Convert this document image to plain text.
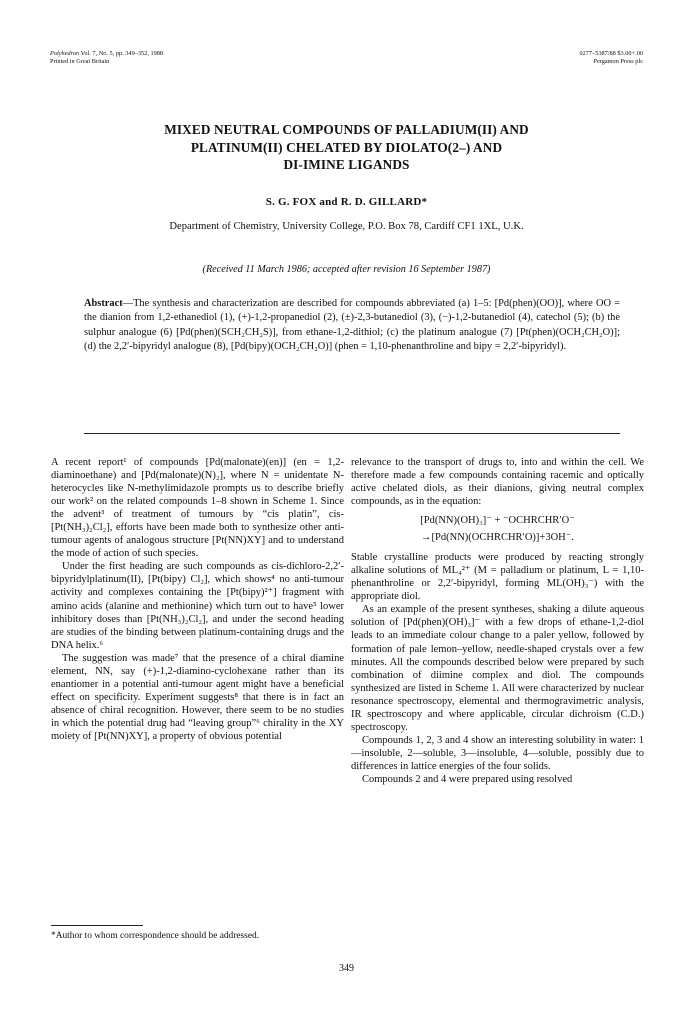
Polyhedron Vol. 7, No. 5, pp. 349–352, 1988
Printed in Great Britain
0277–5387/88 $3.00+.00
Pergamon Press plc
MIXED NEUTRAL COMPOUNDS OF PALLADIUM(II) AND
PLATINUM(II) CHELATED BY DIOLATO(2–) AND
DI-IMINE LIGANDS
S. G. FOX and R. D. GILLARD*
Department of Chemistry, University College, P.O. Box 78, Cardiff CF1 1XL, U.K.
(Received 11 March 1986; accepted after revision 16 September 1987)
Abstract—The synthesis and characterization are described for compounds abbreviated (a) 1–5: [Pd(phen)(OO)], where OO = the dianion from 1,2-ethanediol (1), (+)-1,2-propanediol (2), (±)-2,3-butanediol (3), (−)-1,2-butanediol (4), catechol (5); (b) the sulphur analogue (6) [Pd(phen)(SCH₂CH₂S)], from ethane-1,2-dithiol; (c) the platinum analogue (7) [Pt(phen)(OCH₂CH₂O)]; (d) the 2,2′-bipyridyl analogue (8), [Pd(bipy)(OCH₂CH₂O)] (phen = 1,10-phenanthroline and bipy = 2,2′-bipyridyl).

A recent report¹ of compounds [Pd(malonate)(en)] (en = 1,2-diaminoethane) and [Pd(malonate)(N)₂], where N = unidentate N-heterocycles like N-methylimidazole prompts us to describe briefly our work² on the related compounds 1–8 shown in Scheme 1. Since the advent³ of treatment of tumours by “cis platin”, cis-[Pt(NH₃)₂Cl₂], efforts have been made both to synthesize other anti-tumour agents of analogous structure [Pt(NN)XY] and to understand the mode of action of such species.

Under the first heading are such compounds as cis-dichloro-2,2′-bipyridylplatinum(II), [Pt(bipy) Cl₂], which shows⁴ no anti-tumour activity and complexes containing the [Pt(bipy)²⁺] fragment with amino acids (alanine and methionine) which turn out to have⁵ lower inhibitory doses than [Pt(NH₃)₂Cl₂], and under the second heading are studies of the binding between platinum-containing drugs and the DNA helix.⁶

The suggestion was made⁷ that the presence of a chiral diamine element, NN, say (+)-1,2-diamino-cyclohexane rather than its enantiomer in a potential anti-tumour agent might have a beneficial effect on specificity. Experiment suggests⁸ that there is in fact an absence of chiral recognition. However, there seem to be no studies in which the potential drug had “leaving group”⁶ chirality in the XY moiety of [Pt(NN)XY], a property of obvious potential

relevance to the transport of drugs to, into and within the cell. We therefore made a few compounds containing racemic and optically active chelated diols, as their dianions, giving neutral complex compounds, as in the equation:

[Pd(NN)(OH)₃]⁻ + ⁻OCHRCHR′O⁻
→[Pd(NN)(OCHRCHR′O)]+3OH⁻.

Stable crystalline products were produced by reacting strongly alkaline solutions of ML₄²⁺ (M = palladium or platinum, L = 1,10-phenanthroline or 2,2′-bipyridyl, forming ML(OH)₃⁻) with the appropriate diol.

As an example of the present syntheses, shaking a dilute aqueous solution of [Pd(phen)(OH)₃]⁻ with a few drops of ethane-1,2-diol leads to an immediate colour change to a paler yellow, followed by formation of pale lemon–yellow, needle-shaped crystals over a few minutes. All the compounds described below were prepared by such combination of diimine complex and diol. The compounds synthesized are listed in Scheme 1. All were characterized by nuclear resonance spectroscopy, elemental and thermogravimetric analysis, IR spectroscopy and where applicable, circular dichroism (C.D.) spectroscopy.

Compounds 1, 2, 3 and 4 show an interesting solubility in water: 1—insoluble, 2—soluble, 3—insoluble, 4—soluble, possibly due to differences in lattice energies of the four solids.

Compounds 2 and 4 were prepared using resolved

*Author to whom correspondence should be addressed.
349
